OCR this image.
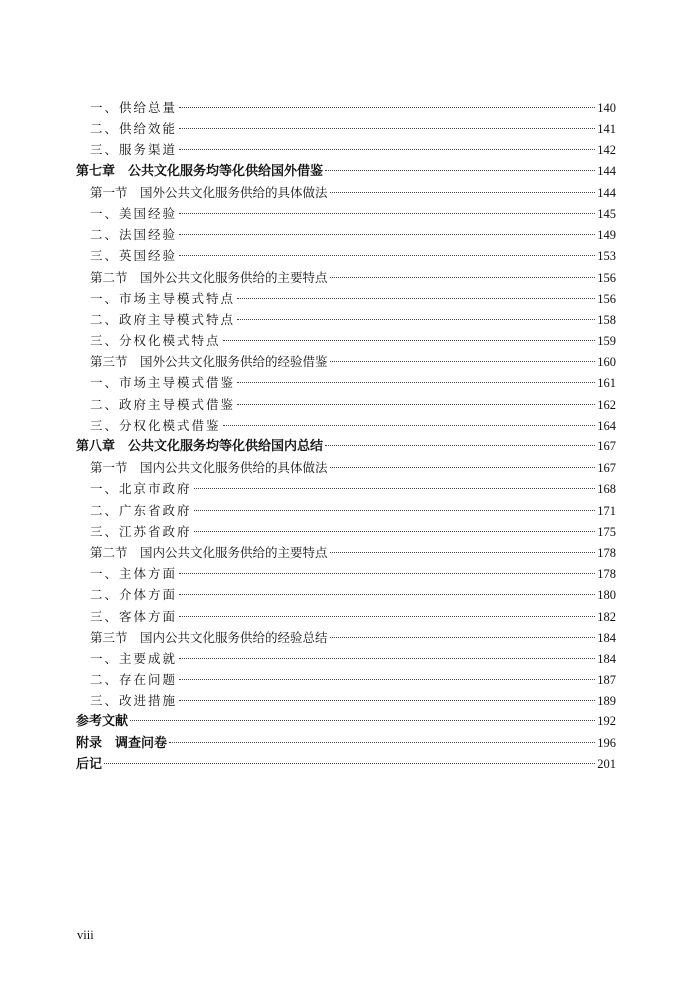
一、供给总量	140
二、供给效能	141
三、服务渠道	142
第七章　公共文化服务均等化供给国外借鉴	144
第一节　国外公共文化服务供给的具体做法	144
一、美国经验	145
二、法国经验	149
三、英国经验	153
第二节　国外公共文化服务供给的主要特点	156
一、市场主导模式特点	156
二、政府主导模式特点	158
三、分权化模式特点	159
第三节　国外公共文化服务供给的经验借鉴	160
一、市场主导模式借鉴	161
二、政府主导模式借鉴	162
三、分权化模式借鉴	164
第八章　公共文化服务均等化供给国内总结	167
第一节　国内公共文化服务供给的具体做法	167
一、北京市政府	168
二、广东省政府	171
三、江苏省政府	175
第二节　国内公共文化服务供给的主要特点	178
一、主体方面	178
二、介体方面	180
三、客体方面	182
第三节　国内公共文化服务供给的经验总结	184
一、主要成就	184
二、存在问题	187
三、改进措施	189
参考文献	192
附录　调查问卷	196
后记	201
viii
